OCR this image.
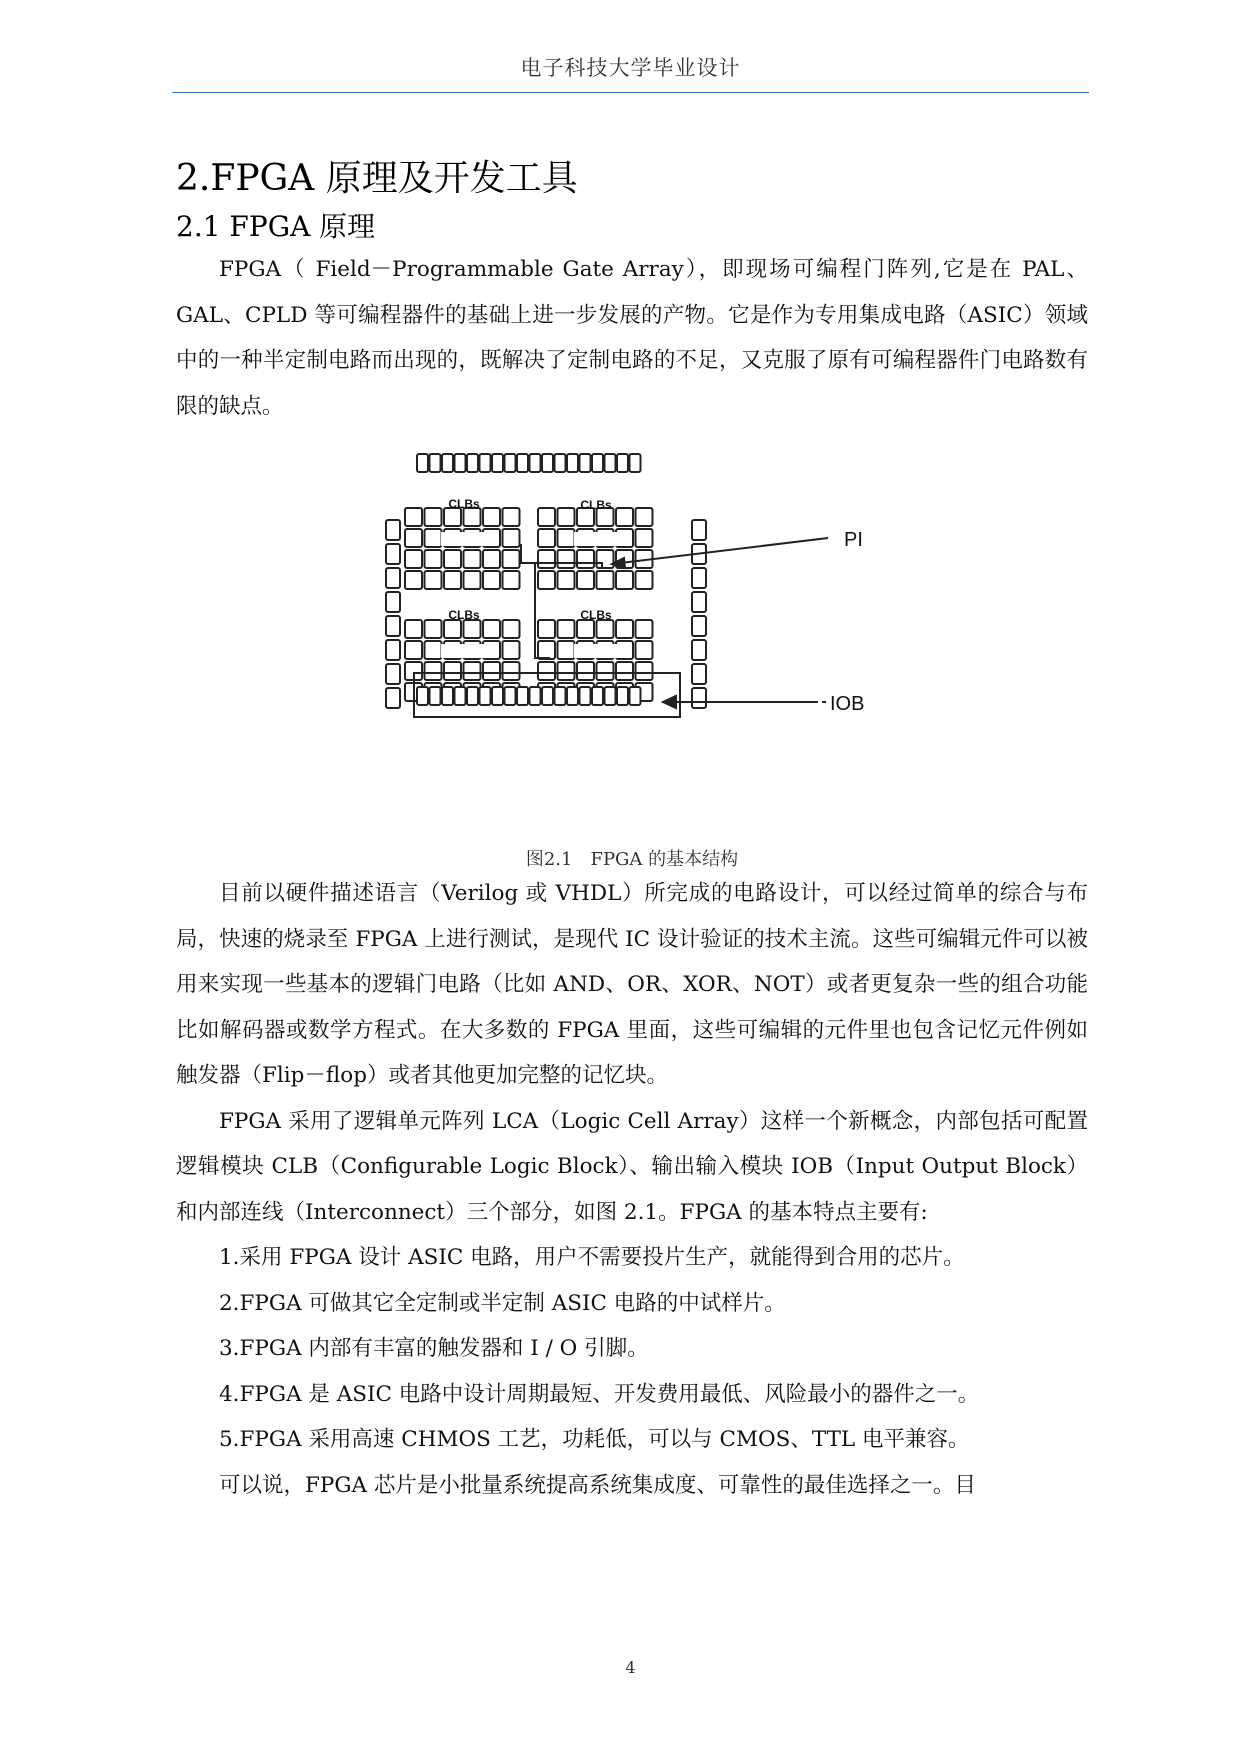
电子科技大学毕业设计
2.FPGA 原理及开发工具
2.1 FPGA 原理

FPGA（ Field－Programmable Gate Array），即现场可编程门阵列,它是在 PAL、GAL、CPLD 等可编程器件的基础上进一步发展的产物。它是作为专用集成电路（ASIC）领域中的一种半定制电路而出现的，既解决了定制电路的不足，又克服了原有可编程器件门电路数有限的缺点。

CLBs	CLBs
CLBs	CLBs
PI
IOB
图2.1　FPGA 的基本结构

目前以硬件描述语言（Verilog 或 VHDL）所完成的电路设计，可以经过简单的综合与布局，快速的烧录至 FPGA 上进行测试，是现代 IC 设计验证的技术主流。这些可编辑元件可以被用来实现一些基本的逻辑门电路（比如 AND、OR、XOR、NOT）或者更复杂一些的组合功能比如解码器或数学方程式。在大多数的 FPGA 里面，这些可编辑的元件里也包含记忆元件例如触发器（Flip－flop）或者其他更加完整的记忆块。

FPGA 采用了逻辑单元阵列 LCA（Logic Cell Array）这样一个新概念，内部包括可配置逻辑模块 CLB（Configurable Logic Block）、输出输入模块 IOB（Input Output Block）和内部连线（Interconnect）三个部分，如图 2.1。FPGA 的基本特点主要有:

1.采用 FPGA 设计 ASIC 电路，用户不需要投片生产，就能得到合用的芯片。

2.FPGA 可做其它全定制或半定制 ASIC 电路的中试样片。

3.FPGA 内部有丰富的触发器和 I / O 引脚。

4.FPGA 是 ASIC 电路中设计周期最短、开发费用最低、风险最小的器件之一。

5.FPGA 采用高速 CHMOS 工艺，功耗低，可以与 CMOS、TTL 电平兼容。

可以说，FPGA 芯片是小批量系统提高系统集成度、可靠性的最佳选择之一。目

4
